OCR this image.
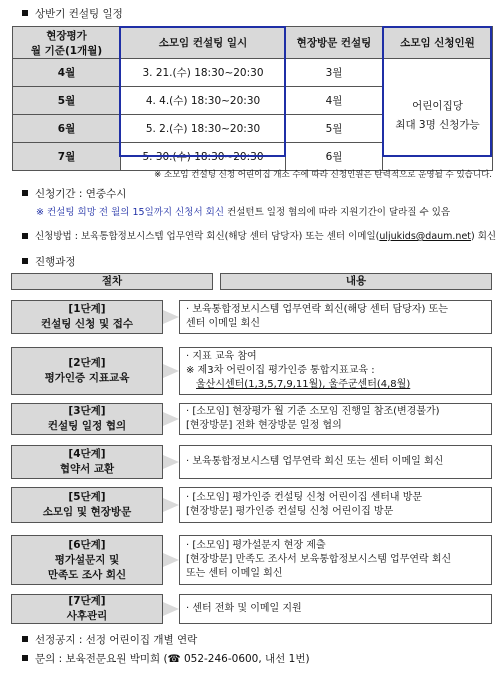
상반기 컨설팅 일정
현장평가
월 기준(1개월)	소모임 컨설팅 일시	현장방문 컨설팅	소모임 신청인원
4월	3. 21.(수) 18:30~20:30	3월	어린이집당
최대 3명 신청가능

5월	4. 4.(수) 18:30~20:30	4월	
6월	5. 2.(수) 18:30~20:30	5월	
7월	5. 30.(수) 18:30~20:30	6월	
※ 소모임 컨설팅 신청 어린이집 개소 수에 따라 신청인원은 탄력적으로 운영될 수 있습니다.
신청기간 : 연중수시
※ 컨설팅 희망 전 월의 15일까지 신청서 회신 컨설턴트 일정 협의에 따라 지원기간이 달라질 수 있음
신청방법 : 보육통합정보시스템 업무연락 회신(해당 센터 담당자) 또는 센터 이메일(uljukids@daum.net) 회신
진행과정
절차	내용
[1단계]
컨설팅 신청 및 접수
· 보육통합정보시스템 업무연락 회신(해당 센터 담당자) 또는
센터 이메일 회신
[2단계]
평가인증 지표교육
· 지표 교육 참여
※ 제3차 어린이집 평가인증 통합지표교육 :
울산시센터(1,3,5,7,9,11월), 울주군센터(4,8월)
[3단계]
컨설팅 일정 협의
· [소모임] 현장평가 월 기준 소모임 진행일 참조(변경불가)
[현장방문] 전화 현장방문 일정 협의
[4단계]
협약서 교환
· 보육통합정보시스템 업무연락 회신 또는 센터 이메일 회신
[5단계]
소모임 및 현장방문
· [소모임] 평가인증 컨설팅 신청 어린이집 센터내 방문
[현장방문] 평가인증 컨설팅 신청 어린이집 방문
[6단계]
평가설문지 및
만족도 조사 회신
· [소모임] 평가설문지 현장 제출
[현장방문] 만족도 조사서 보육통합정보시스템 업무연락 회신
또는 센터 이메일 회신
[7단계]
사후관리
· 센터 전화 및 이메일 지원
선정공지 : 선정 어린이집 개별 연락
문의 : 보육전문요원 박미희 (☎ 052-246-0600, 내선 1번)
